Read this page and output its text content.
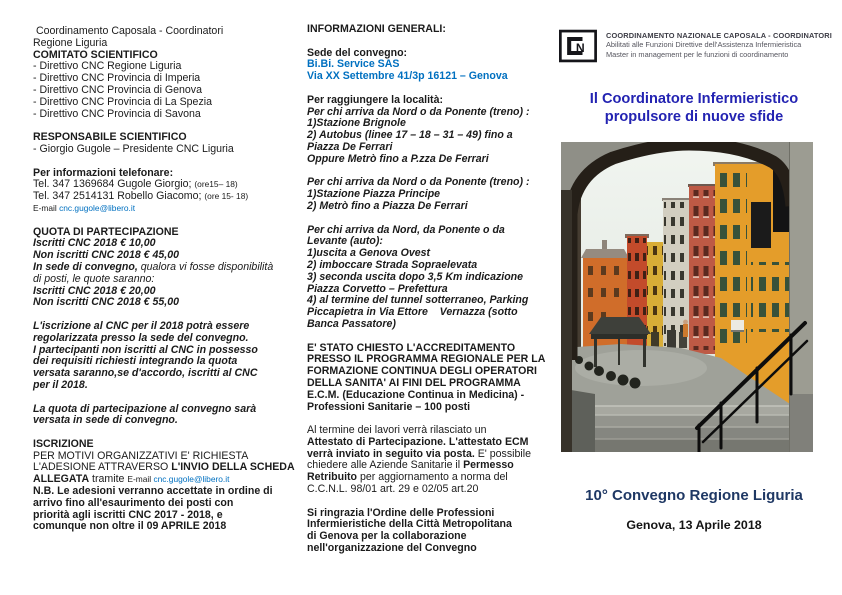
Coordinamento Caposala - Coordinatori
Regione Liguria
COMITATO SCIENTIFICO
- Direttivo CNC Regione Liguria
- Direttivo CNC Provincia di Imperia
- Direttivo CNC Provincia di Genova
- Direttivo CNC Provincia di La Spezia
- Direttivo CNC Provincia di Savona

RESPONSABILE SCIENTIFICO
- Giorgio Gugole – Presidente CNC Liguria

Per informazioni telefonare:
Tel. 347 1369684 Gugole Giorgio; (ore15– 18)
Tel. 347 2514131 Robello Giacomo; (ore 15- 18)
E-mail cnc.gugole@libero.it

QUOTA DI PARTECIPAZIONE
Iscritti CNC 2018 € 10,00
Non iscritti CNC 2018 € 45,00
In sede di convegno, qualora vi fosse disponibilità
di posti, le quote saranno:
Iscritti CNC 2018 € 20,00
Non iscritti CNC 2018 € 55,00

L'iscrizione al CNC per il 2018 potrà essere
regolarizzata presso la sede del convegno.
I partecipanti non iscritti al CNC in possesso
dei requisiti richiesti integrando la quota
versata saranno,se d'accordo, iscritti al CNC
per il 2018.

La quota di partecipazione al convegno sarà
versata in sede di convegno.

ISCRIZIONE
PER MOTIVI ORGANIZZATIVI E' RICHIESTA
L'ADESIONE ATTRAVERSO L'INVIO DELLA SCHEDA
ALLEGATA tramite E-mail cnc.gugole@libero.it
N.B. Le adesioni verranno accettate in ordine di
arrivo fino all'esaurimento dei posti con
priorità agli iscritti CNC 2017 - 2018, e
comunque non oltre il 09 APRILE 2018
INFORMAZIONI GENERALI:

Sede del convegno:
Bi.Bi. Service SAS
Via XX Settembre 41/3p 16121 – Genova

Per raggiungere la località:
Per chi arriva da Nord o da Ponente (treno) :
1)Stazione Brignole
2) Autobus (linee 17 – 18 – 31 – 49) fino a
Piazza De Ferrari
Oppure Metrò fino a P.zza De Ferrari

Per chi arriva da Nord o da Ponente (treno) :
1)Stazione Piazza Principe
2) Metrò fino a Piazza De Ferrari

Per chi arriva da Nord, da Ponente o da
Levante (auto):
1)uscita a Genova Ovest
2) imboccare Strada Sopraelevata
3) seconda uscita dopo 3,5 Km indicazione
Piazza Corvetto – Prefettura
4) al termine del tunnel sotterraneo, Parking
Piccapietra in Via Ettore    Vernazza (sotto
Banca Passatore)

E' STATO CHIESTO L'ACCREDITAMENTO
PRESSO IL PROGRAMMA REGIONALE PER LA
FORMAZIONE CONTINUA DEGLI OPERATORI
DELLA SANITA' AI FINI DEL PROGRAMMA
E.C.M. (Educazione Continua in Medicina) -
Professioni Sanitarie – 100 posti

Al termine dei lavori verrà rilasciato un
Attestato di Partecipazione. L'attestato ECM
verrà inviato in seguito via posta. E' possibile
chiedere alle Aziende Sanitarie il Permesso
Retribuito per aggiornamento a norma del
C.C.N.L. 98/01 art. 29 e 02/05 art.20

Si ringrazia l'Ordine delle Professioni
Infermieristiche della Città Metropolitana
di Genova per la collaborazione
nell'organizzazione del Convegno
N
COORDINAMENTO NAZIONALE CAPOSALA - COORDINATORI
Abilitati alle Funzioni Direttive dell'Assistenza Infermieristica
Master in management per le funzioni di coordinamento
Il Coordinatore Infermieristico
propulsore di nuove sfide
10° Convegno Regione Liguria
Genova, 13 Aprile 2018
